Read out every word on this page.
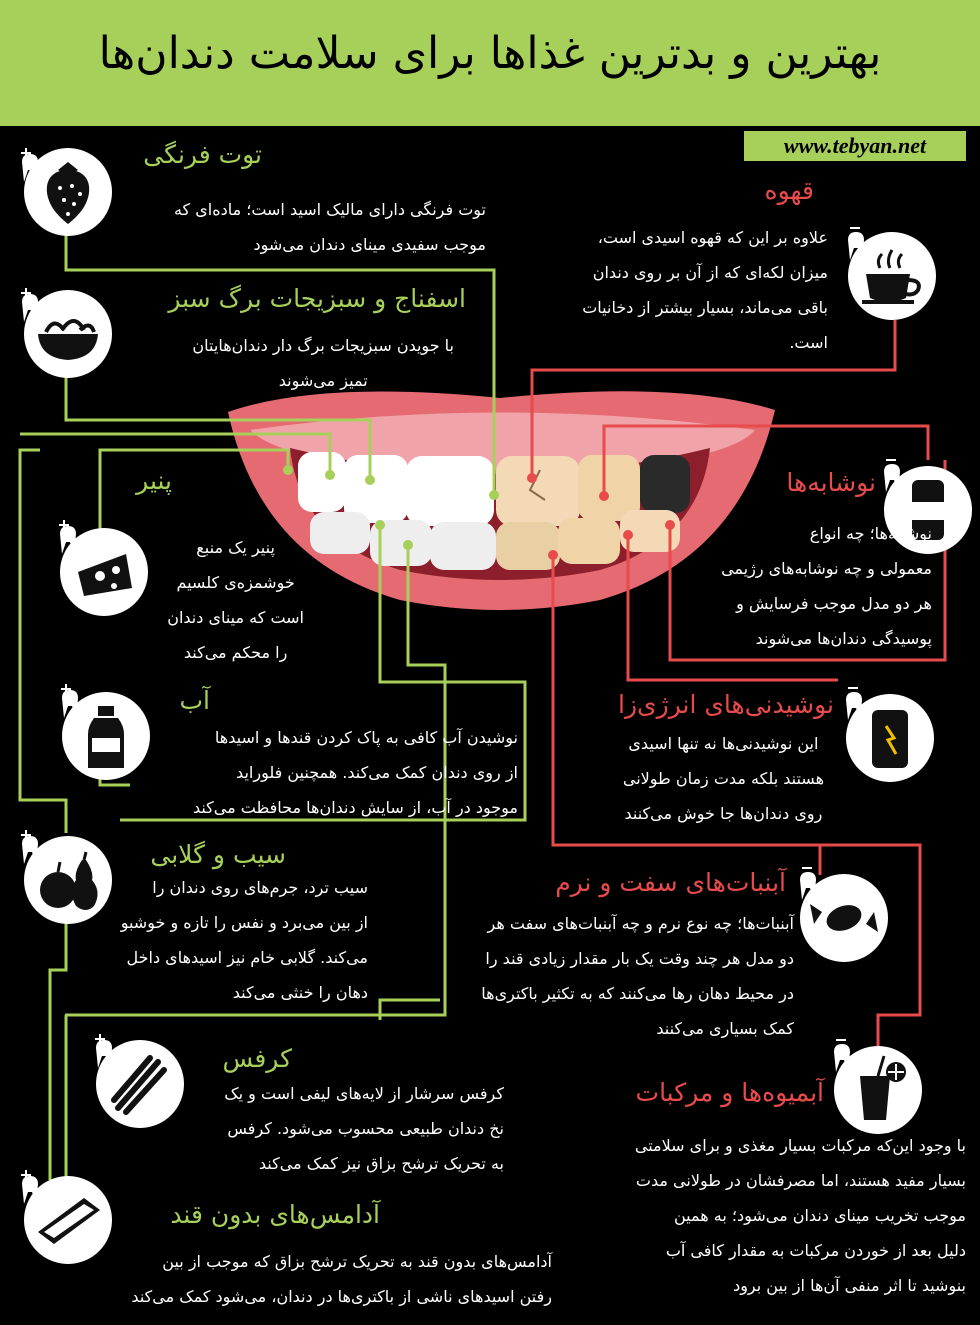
بهترین و بدترین غذاها برای سلامت دندان‌ها
www.tebyan.net
توت فرنگی
توت فرنگی دارای مالیک اسید است؛ ماده‌ای که
موجب سفیدی مینای دندان می‌شود
اسفناج و سبزیجات برگ سبز
با جویدن سبزیجات برگ دار دندان‌هایتان
تمیز می‌شوند
پنیر
پنیر یک منبع
خوشمزه‌ی کلسیم
است که مینای دندان
را محکم می‌کند
آب
نوشیدن آب کافی به پاک کردن قندها و اسیدها
از روی دندان کمک می‌کند. همچنین فلوراید
موجود در آب، از سایش دندان‌ها محافظت می‌کند
سیب و گلابی
سیب ترد، جرم‌های روی دندان را
از بین می‌برد و نفس را تازه و خوشبو
می‌کند. گلابی خام نیز اسیدهای داخل
دهان را خنثی می‌کند
کرفس
کرفس سرشار از لایه‌های لیفی است و یک
نخ دندان طبیعی محسوب می‌شود. کرفس
به تحریک ترشح بزاق نیز کمک می‌کند
آدامس‌های بدون قند
آدامس‌های بدون قند به تحریک ترشح بزاق که موجب از بین
رفتن اسیدهای ناشی از باکتری‌ها در دندان، می‌شود کمک می‌کند
قهوه
علاوه بر این که قهوه اسیدی است،
میزان لکه‌ای که از آن بر روی دندان
باقی می‌ماند، بسیار بیشتر از دخانیات
است.
نوشابه‌ها
نوشابه‌ها؛ چه انواع
معمولی و چه نوشابه‌های رژیمی
هر دو مدل موجب فرسایش و
پوسیدگی دندان‌ها می‌شوند
نوشیدنی‌های انرژی‌زا
این نوشیدنی‌ها نه تنها اسیدی
هستند بلکه مدت زمان طولانی
روی دندان‌ها جا خوش می‌کنند
آبنبات‌های سفت و نرم
آبنبات‌ها؛ چه نوع نرم و چه آبنبات‌های سفت هر
دو مدل هر چند وقت یک بار مقدار زیادی قند را
در محیط دهان رها می‌کنند که به تکثیر باکتری‌ها
کمک بسیاری می‌کنند
آبمیوه‌ها و مرکبات
با وجود این‌که مرکبات بسیار مغذی و برای سلامتی
بسیار مفید هستند، اما مصرفشان در طولانی مدت
موجب تخریب مینای دندان می‌شود؛ به همین
دلیل بعد از خوردن مرکبات به مقدار کافی آب
بنوشید تا اثر منفی آن‌ها از بین برود
